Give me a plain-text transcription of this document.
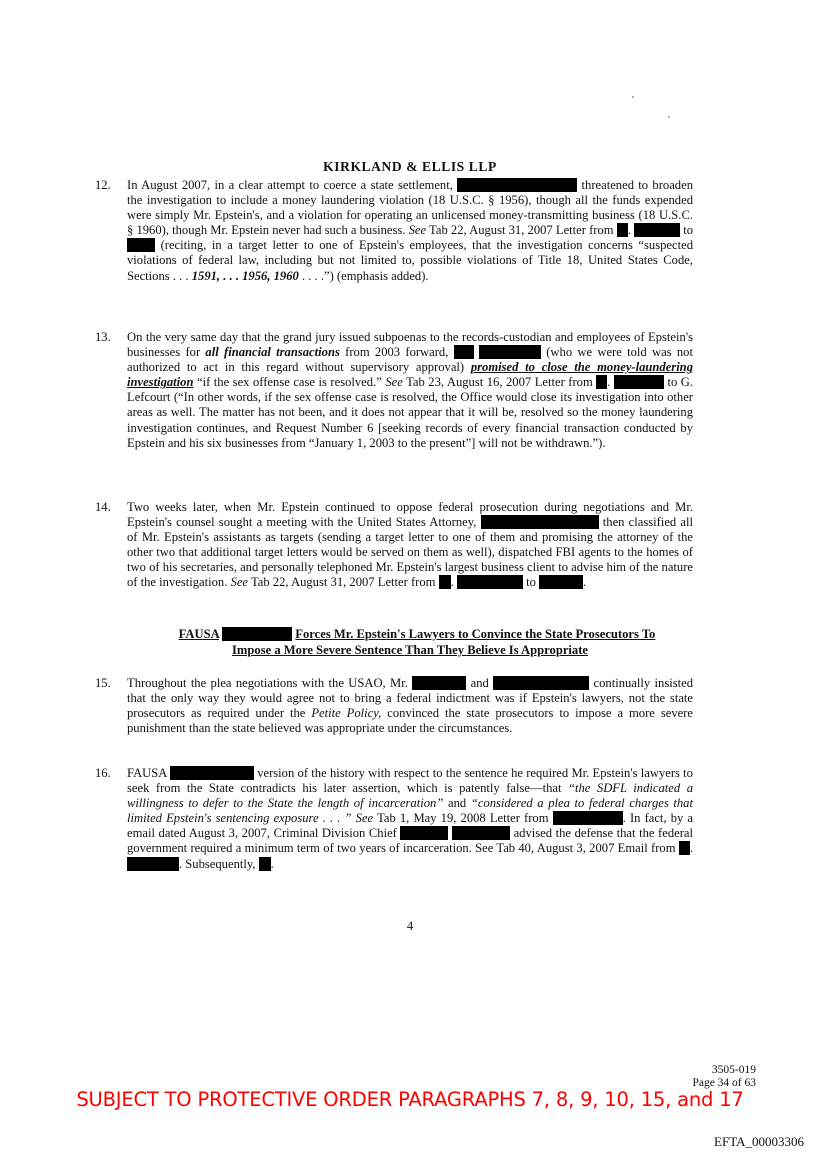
KIRKLAND & ELLIS LLP
12. In August 2007, in a clear attempt to coerce a state settlement,	threatened to broaden the investigation to include a money laundering violation (18 U.S.C. § 1956), though all the funds expended were simply Mr. Epstein's, and a violation for operating an unlicensed money-transmitting business (18 U.S.C. § 1960), though Mr. Epstein never had such a business. See Tab 22, August 31, 2007 Letter from .	to  (reciting, in a target letter to one of Epstein's employees, that the investigation concerns “suspected violations of federal law, including but not limited to, possible violations of Title 18, United States Code, Sections . . . 1591, . . . 1956, 1960 . . . .”) (emphasis added).
13. On the very same day that the grand jury issued subpoenas to the records-custodian and employees of Epstein's businesses for all financial transactions from 2003 forward,	(who we were told was not authorized to act in this regard without supervisory approval) promised to close the money-laundering investigation “if the sex offense case is resolved.” See Tab 23, August 16, 2007 Letter from .	to G. Lefcourt (“In other words, if the sex offense case is resolved, the Office would close its investigation into other areas as well. The matter has not been, and it does not appear that it will be, resolved so the money laundering investigation continues, and Request Number 6 [seeking records of every financial transaction conducted by Epstein and his six businesses from “January 1, 2003 to the present”] will not be withdrawn.”).
14. Two weeks later, when Mr. Epstein continued to oppose federal prosecution during negotiations and Mr. Epstein's counsel sought a meeting with the United States Attorney,	then classified all of Mr. Epstein's assistants as targets (sending a target letter to one of them and promising the attorney of the other two that additional target letters would be served on them as well), dispatched FBI agents to the homes of two of his secretaries, and personally telephoned Mr. Epstein's largest business client to advise him of the nature of the investigation. See Tab 22, August 31, 2007 Letter from .	to	.
FAUSA	Forces Mr. Epstein's Lawyers to Convince the State Prosecutors To
Impose a More Severe Sentence Than They Believe Is Appropriate
15. Throughout the plea negotiations with the USAO, Mr.	and	continually insisted that the only way they would agree not to bring a federal indictment was if Epstein's lawyers, not the state prosecutors as required under the Petite Policy, convinced the state prosecutors to impose a more severe punishment than the state believed was appropriate under the circumstances.
16. FAUSA	version of the history with respect to the sentence he required Mr. Epstein's lawyers to seek from the State contradicts his later assertion, which is patently false—that “the SDFL indicated a willingness to defer to the State the length of incarceration” and “considered a plea to federal charges that limited Epstein's sentencing exposure . . . ” See Tab 1, May 19, 2008 Letter from	. In fact, by a email dated August 3, 2007, Criminal Division Chief	advised the defense that the federal government required a minimum term of two years of incarceration. See Tab 40, August 3, 2007 Email from . . Subsequently, .
4
3505-019
Page 34 of 63
SUBJECT TO PROTECTIVE ORDER PARAGRAPHS 7, 8, 9, 10, 15, and 17
EFTA_00003306
